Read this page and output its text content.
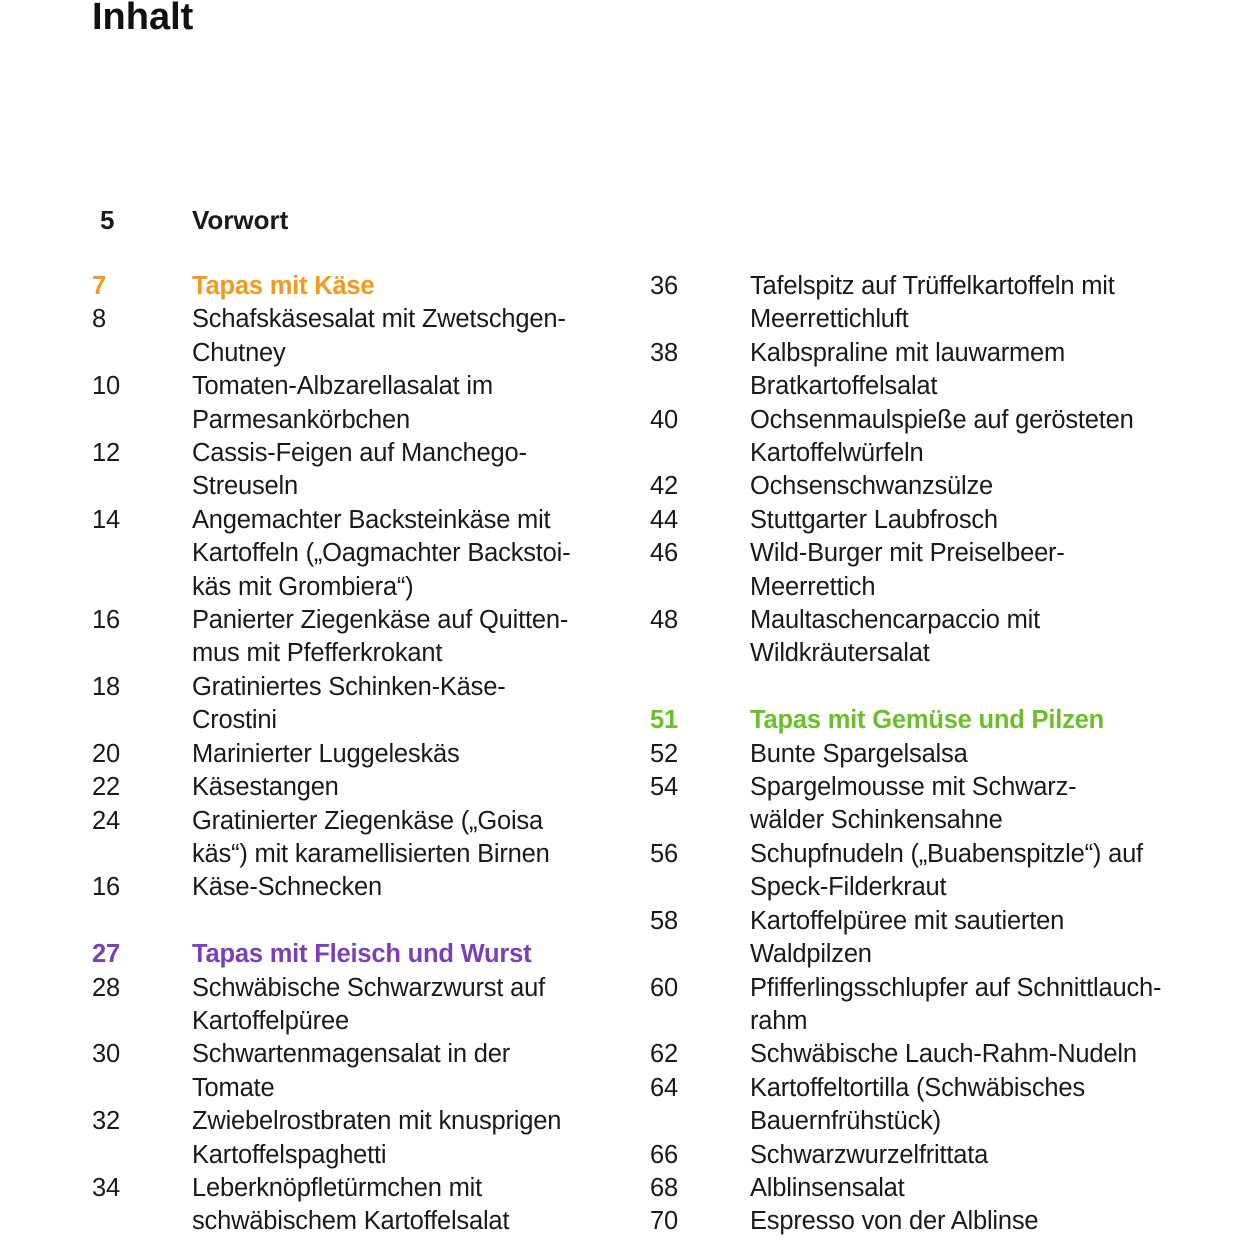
Inhalt
5	Vorwort
7	Tapas mit Käse
8	Schafskäsesalat mit Zwetschgen-
Chutney
10	Tomaten-Albzarellasalat im
Parmesankörbchen
12	Cassis-Feigen auf Manchego-
Streuseln
14	Angemachter Backsteinkäse mit
Kartoffeln („Oagmachter Backstoi-
käs mit Grombiera“)
16	Panierter Ziegenkäse auf Quitten-
mus mit Pfefferkrokant
18	Gratiniertes Schinken-Käse-
Crostini
20	Marinierter Luggeleskäs
22	Käsestangen
24	Gratinierter Ziegenkäse („Goisa
käs“) mit karamellisierten Birnen
16	Käse-Schnecken
27	Tapas mit Fleisch und Wurst
28	Schwäbische Schwarzwurst auf
Kartoffelpüree
30	Schwartenmagensalat in der
Tomate
32	Zwiebelrostbraten mit knusprigen
Kartoffelspaghetti
34	Leberknöpfletürmchen mit
schwäbischem Kartoffelsalat
36	Tafelspitz auf Trüffelkartoffeln mit
Meerrettichluft
38	Kalbspraline mit lauwarmem
Bratkartoffelsalat
40	Ochsenmaulspieße auf gerösteten
Kartoffelwürfeln
42	Ochsenschwanzsülze
44	Stuttgarter Laubfrosch
46	Wild-Burger mit Preiselbeer-
Meerrettich
48	Maultaschencarpaccio mit
Wildkräutersalat
51	Tapas mit Gemüse und Pilzen
52	Bunte Spargelsalsa
54	Spargelmousse mit Schwarz-
wälder Schinkensahne
56	Schupfnudeln („Buabenspitzle“) auf
Speck-Filderkraut
58	Kartoffelpüree mit sautierten
Waldpilzen
60	Pfifferlingsschlupfer auf Schnittlauch-
rahm
62	Schwäbische Lauch-Rahm-Nudeln
64	Kartoffeltortilla (Schwäbisches
Bauernfrühstück)
66	Schwarzwurzelfrittata
68	Alblinsensalat
70	Espresso von der Alblinse
